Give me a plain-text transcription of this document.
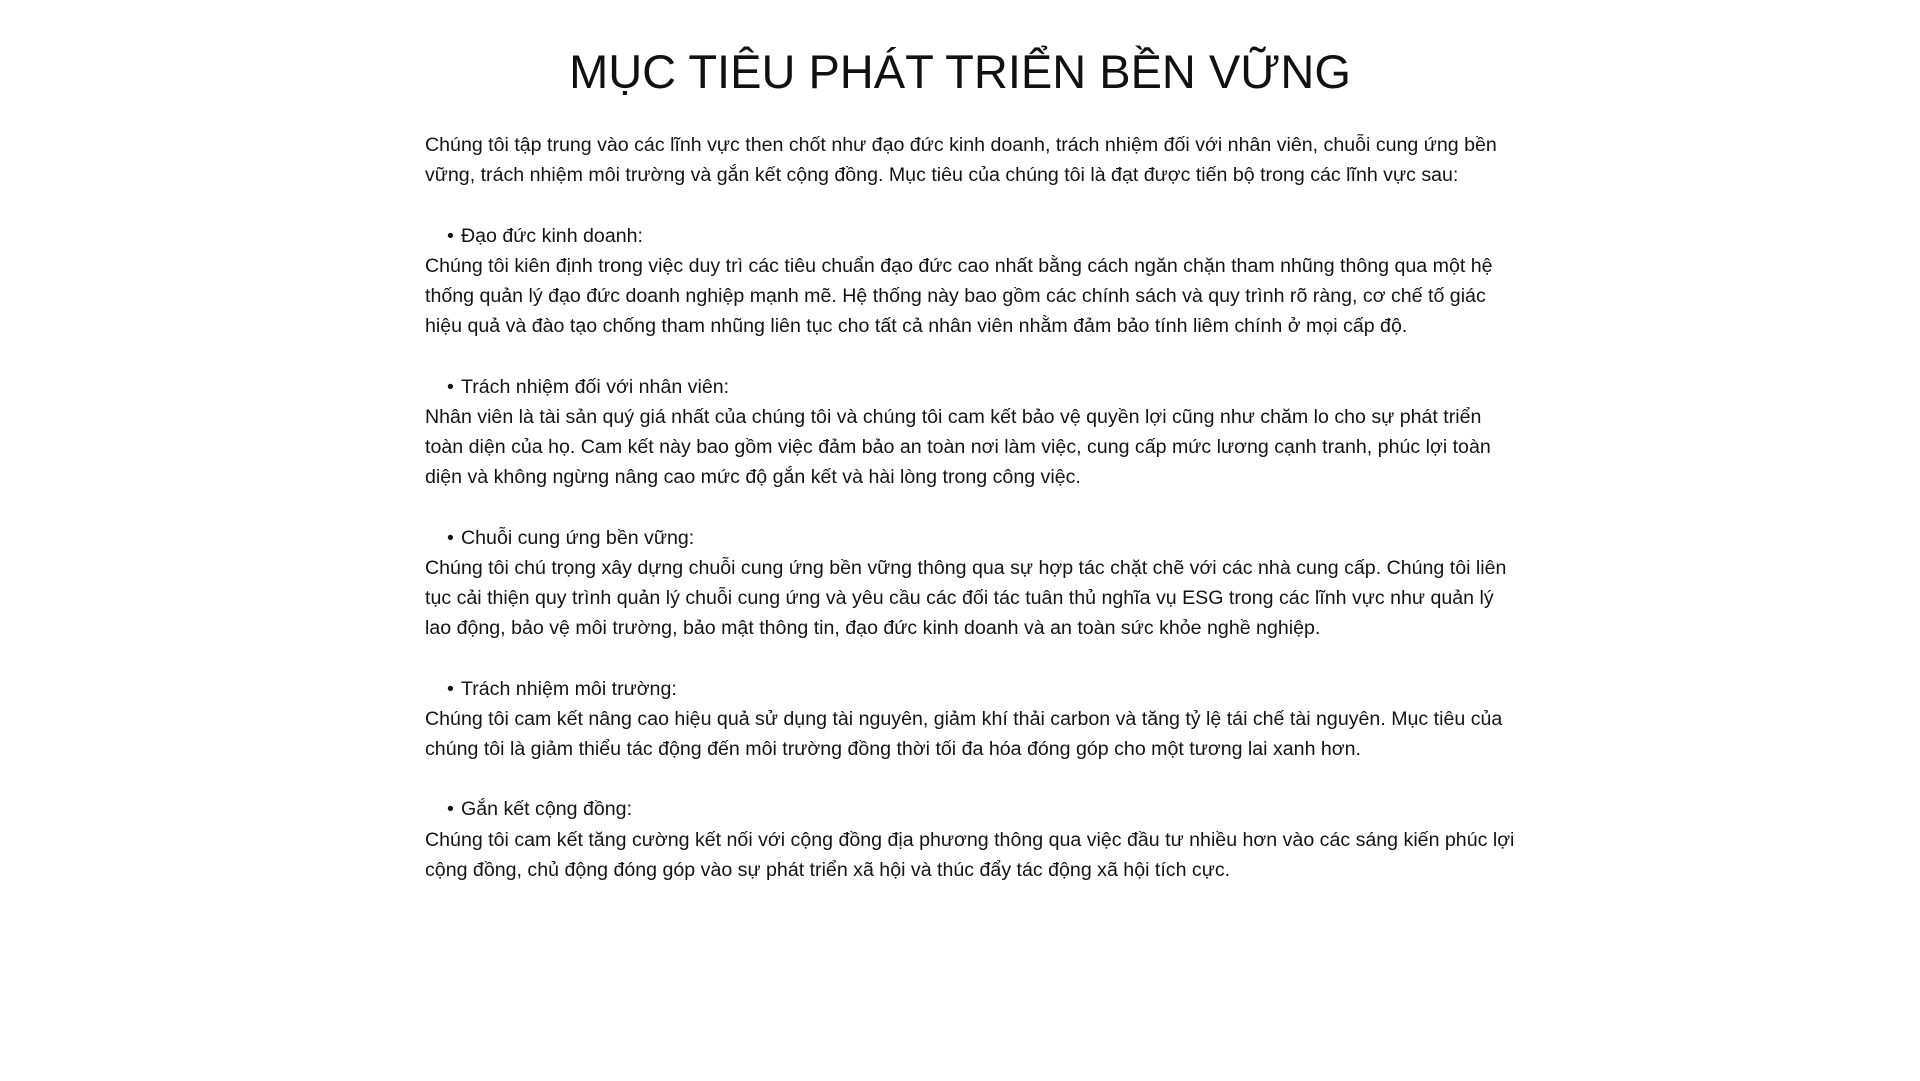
MỤC TIÊU PHÁT TRIỂN BỀN VỮNG

Chúng tôi tập trung vào các lĩnh vực then chốt như đạo đức kinh doanh, trách nhiệm đối với nhân viên, chuỗi cung ứng bền vững, trách nhiệm môi trường và gắn kết cộng đồng. Mục tiêu của chúng tôi là đạt được tiến bộ trong các lĩnh vực sau:

• Đạo đức kinh doanh:

Chúng tôi kiên định trong việc duy trì các tiêu chuẩn đạo đức cao nhất bằng cách ngăn chặn tham nhũng thông qua một hệ thống quản lý đạo đức doanh nghiệp mạnh mẽ. Hệ thống này bao gồm các chính sách và quy trình rõ ràng, cơ chế tố giác hiệu quả và đào tạo chống tham nhũng liên tục cho tất cả nhân viên nhằm đảm bảo tính liêm chính ở mọi cấp độ.

• Trách nhiệm đối với nhân viên:

Nhân viên là tài sản quý giá nhất của chúng tôi và chúng tôi cam kết bảo vệ quyền lợi cũng như chăm lo cho sự phát triển toàn diện của họ. Cam kết này bao gồm việc đảm bảo an toàn nơi làm việc, cung cấp mức lương cạnh tranh, phúc lợi toàn diện và không ngừng nâng cao mức độ gắn kết và hài lòng trong công việc.

• Chuỗi cung ứng bền vững:

Chúng tôi chú trọng xây dựng chuỗi cung ứng bền vững thông qua sự hợp tác chặt chẽ với các nhà cung cấp. Chúng tôi liên tục cải thiện quy trình quản lý chuỗi cung ứng và yêu cầu các đối tác tuân thủ nghĩa vụ ESG trong các lĩnh vực như quản lý lao động, bảo vệ môi trường, bảo mật thông tin, đạo đức kinh doanh và an toàn sức khỏe nghề nghiệp.

• Trách nhiệm môi trường:

Chúng tôi cam kết nâng cao hiệu quả sử dụng tài nguyên, giảm khí thải carbon và tăng tỷ lệ tái chế tài nguyên. Mục tiêu của chúng tôi là giảm thiểu tác động đến môi trường đồng thời tối đa hóa đóng góp cho một tương lai xanh hơn.

• Gắn kết cộng đồng:

Chúng tôi cam kết tăng cường kết nối với cộng đồng địa phương thông qua việc đầu tư nhiều hơn vào các sáng kiến phúc lợi cộng đồng, chủ động đóng góp vào sự phát triển xã hội và thúc đẩy tác động xã hội tích cực.
